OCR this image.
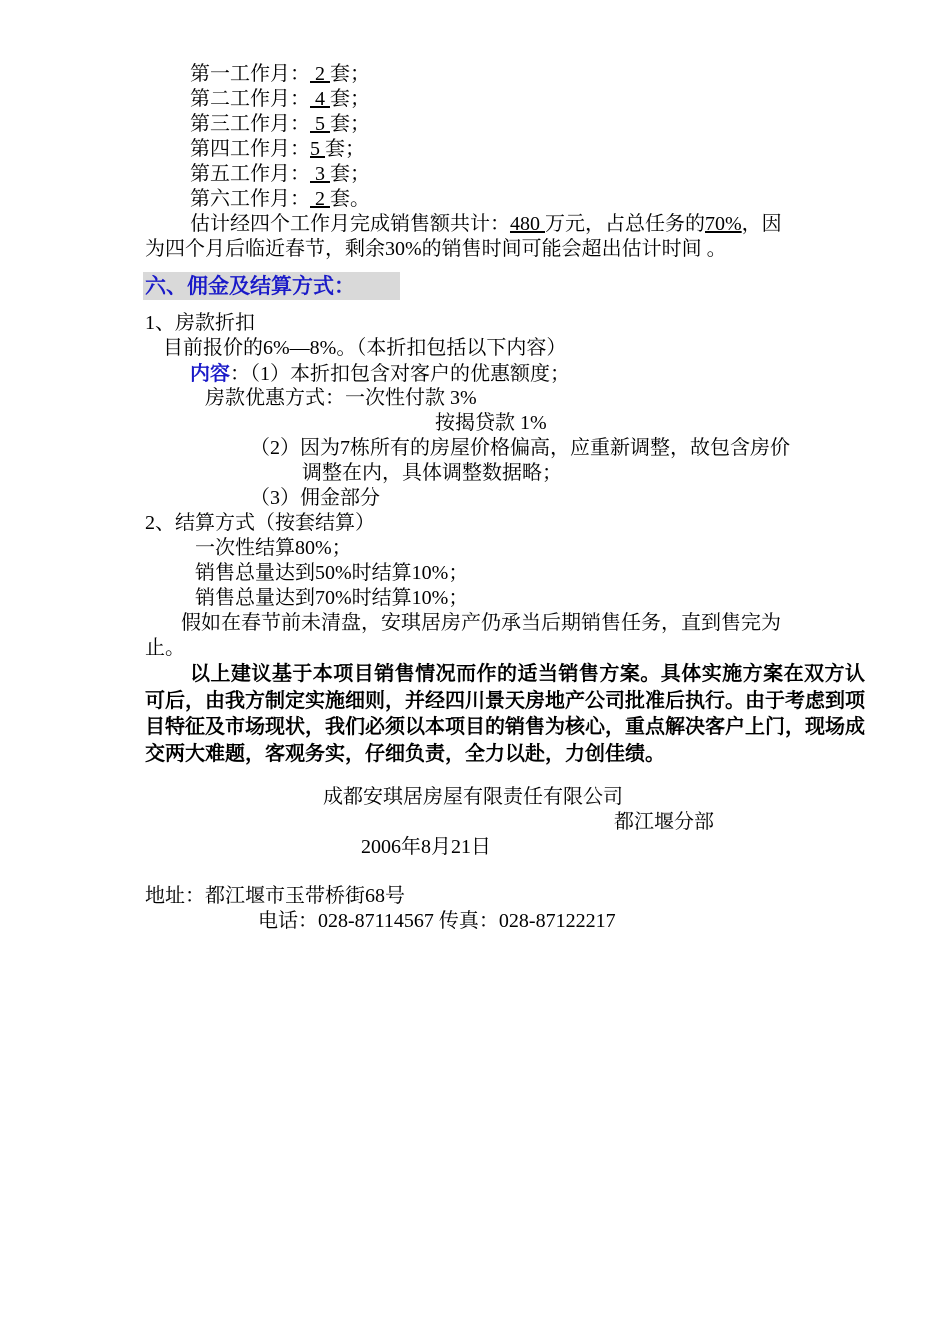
第一工作月： 2 套；
第二工作月： 4 套；
第三工作月： 5 套；
第四工作月：5 套；
第五工作月： 3 套；
第六工作月： 2 套。
估计经四个工作月完成销售额共计：480 万元，占总任务的70%，因
为四个月后临近春节，剩余30%的销售时间可能会超出估计时间 。
六、佣金及结算方式：
1、房款折扣
目前报价的6%—8%。（本折扣包括以下内容）
内容：（1）本折扣包含对客户的优惠额度；
房款优惠方式：一次性付款 3%
按揭贷款 1%
（2）因为7栋所有的房屋价格偏高，应重新调整，故包含房价
调整在内，具体调整数据略；
（3）佣金部分
2、结算方式（按套结算）
一次性结算80%；
销售总量达到50%时结算10%；
销售总量达到70%时结算10%；
假如在春节前未清盘，安琪居房产仍承当后期销售任务，直到售完为
止。
以上建议基于本项目销售情况而作的适当销售方案。具体实施方案在双方认可后，由我方制定实施细则，并经四川景天房地产公司批准后执行。由于考虑到项目特征及市场现状，我们必须以本项目的销售为核心，重点解决客户上门，现场成交两大难题，客观务实，仔细负责，全力以赴，力创佳绩。
成都安琪居房屋有限责任有限公司
都江堰分部
2006年8月21日
地址：都江堰市玉带桥街68号
电话：028-87114567 传真：028-87122217
